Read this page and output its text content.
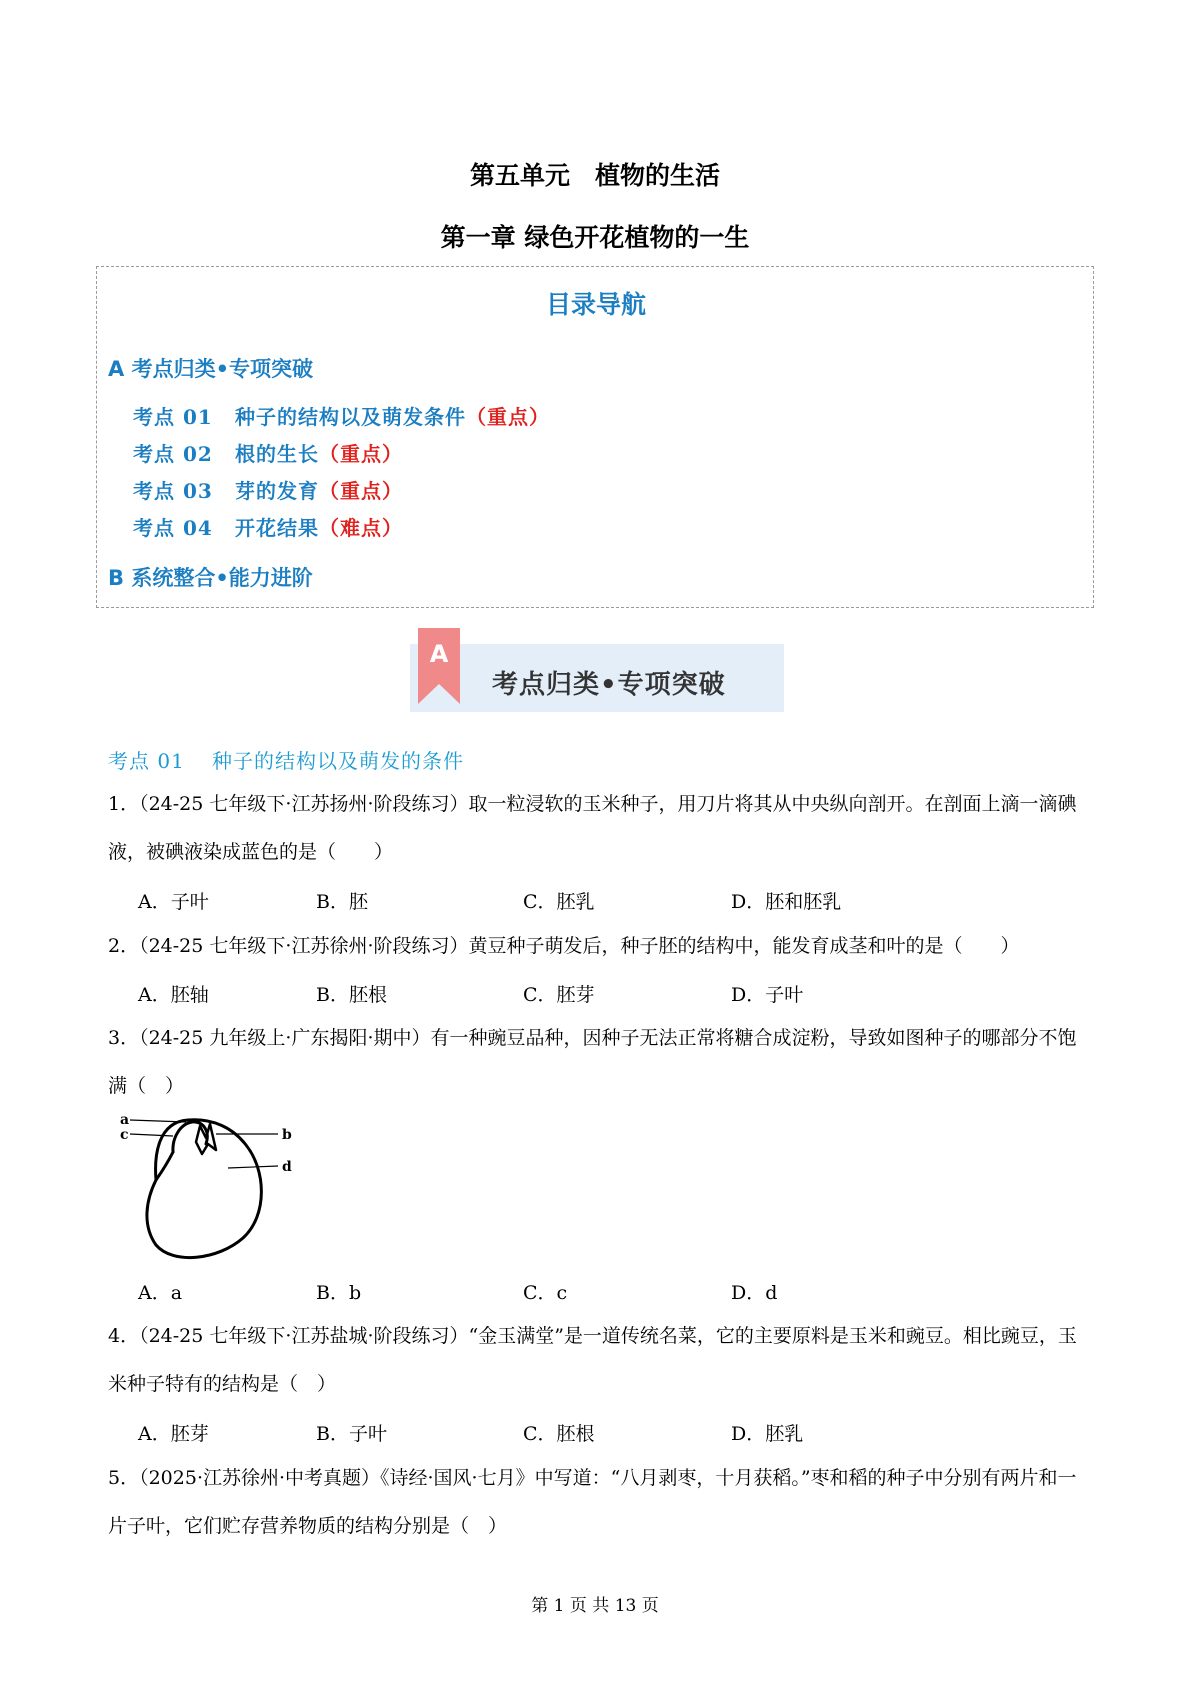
第五单元　植物的生活
第一章 绿色开花植物的一生
目录导航
A 考点归类•专项突破
考点 01 种子的结构以及萌发条件（重点）
考点 02 根的生长（重点）
考点 03 芽的发育（重点）
考点 04 开花结果（难点）
B 系统整合•能力进阶
A
考点归类•专项突破
考点 01 种子的结构以及萌发的条件
1．（24-25 七年级下·江苏扬州·阶段练习）取一粒浸软的玉米种子，用刀片将其从中央纵向剖开。在剖面上滴一滴碘液，被碘液染成蓝色的是（　　）
A．子叶	B．胚	C．胚乳	D．胚和胚乳
2．（24-25 七年级下·江苏徐州·阶段练习）黄豆种子萌发后，种子胚的结构中，能发育成茎和叶的是（　　）
A．胚轴	B．胚根	C．胚芽	D．子叶
3．（24-25 九年级上·广东揭阳·期中）有一种豌豆品种，因种子无法正常将糖合成淀粉，导致如图种子的哪部分不饱满（　）
a
c	b
d
A．a	B．b	C．c	D．d
4．（24-25 七年级下·江苏盐城·阶段练习）“金玉满堂”是一道传统名菜，它的主要原料是玉米和豌豆。相比豌豆，玉米种子特有的结构是（　）
A．胚芽	B．子叶	C．胚根	D．胚乳
5．（2025·江苏徐州·中考真题）《诗经·国风·七月》中写道：“八月剥枣，十月获稻。”枣和稻的种子中分别有两片和一片子叶，它们贮存营养物质的结构分别是（　）
第 1 页 共 13 页
